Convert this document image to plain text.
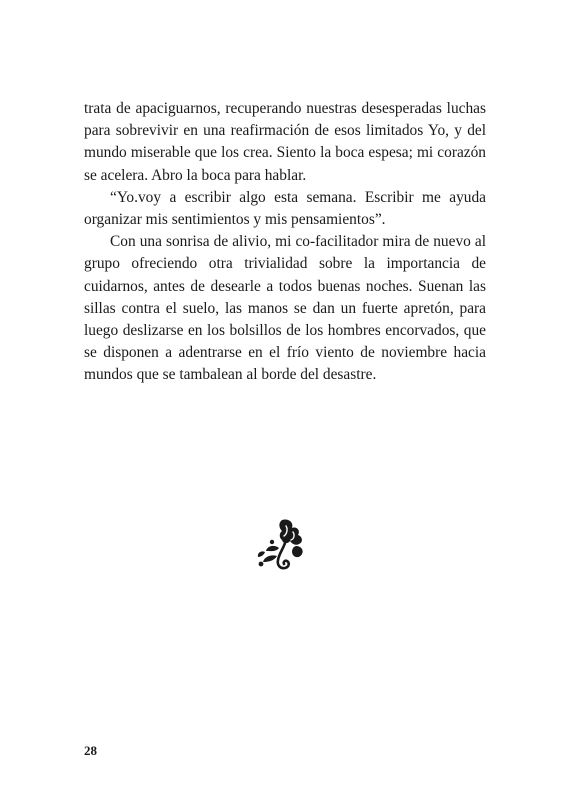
trata de apaciguarnos, recuperando nuestras desesperadas luchas para sobrevivir en una reafirmación de esos limitados Yo, y del mundo miserable que los crea. Siento la boca espesa; mi corazón se acelera. Abro la boca para hablar.

“Yo.voy a escribir algo esta semana. Escribir me ayuda organizar mis sentimientos y mis pensamientos”.

Con una sonrisa de alivio, mi co-facilitador mira de nuevo al grupo ofreciendo otra trivialidad sobre la importancia de cuidarnos, antes de desearle a todos buenas noches. Suenan las sillas contra el suelo, las manos se dan un fuerte apretón, para luego deslizarse en los bolsillos de los hombres encorvados, que se disponen a adentrarse en el frío viento de noviembre hacia mundos que se tambalean al borde del desastre.

28
